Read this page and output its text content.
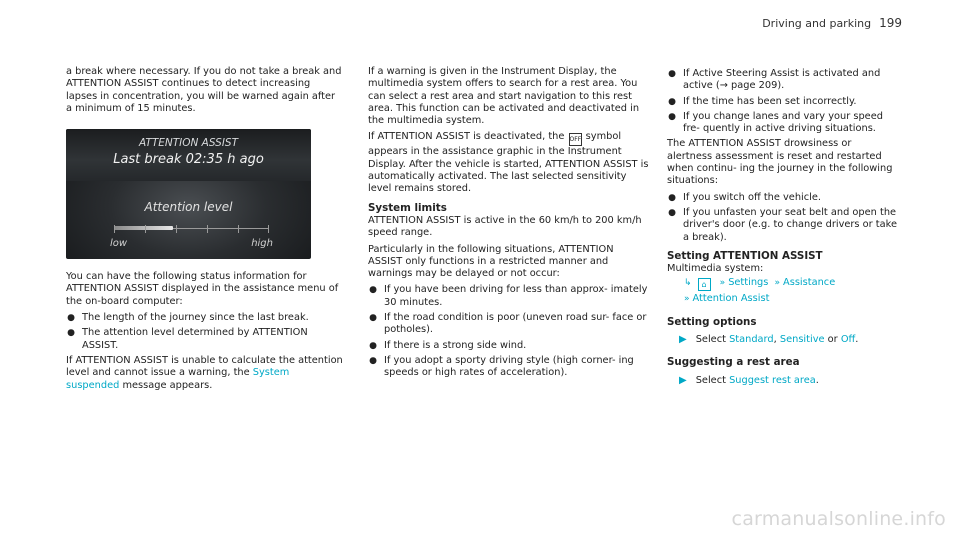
Driving and parking 199

a break where necessary. If you do not take a break and ATTENTION ASSIST continues to detect increasing lapses in concentration, you will be warned again after a minimum of 15 minutes.

ATTENTION ASSIST
Last break 02:35 h ago
Attention level
low	high

You can have the following status information for ATTENTION ASSIST displayed in the assistance menu of the on-board computer:

● The length of the journey since the last break.
● The attention level determined by ATTENTION ASSIST.

If ATTENTION ASSIST is unable to calculate the attention level and cannot issue a warning, the System suspended message appears.

If a warning is given in the Instrument Display, the multimedia system offers to search for a rest area. You can select a rest area and start navigation to this rest area. This function can be activated and deactivated in the multimedia system.

If ATTENTION ASSIST is deactivated, the OFF symbol appears in the assistance graphic in the Instrument Display. After the vehicle is started, ATTENTION ASSIST is automatically activated. The last selected sensitivity level remains stored.

System limits

ATTENTION ASSIST is active in the 60 km/h to 200 km/h speed range.

Particularly in the following situations, ATTENTION ASSIST only functions in a restricted manner and warnings may be delayed or not occur:

● If you have been driving for less than approx- imately 30 minutes.
● If the road condition is poor (uneven road sur- face or potholes).
● If there is a strong side wind.
● If you adopt a sporty driving style (high corner- ing speeds or high rates of acceleration).
● If Active Steering Assist is activated and active (→ page 209).
● If the time has been set incorrectly.
● If you change lanes and vary your speed fre- quently in active driving situations.

The ATTENTION ASSIST drowsiness or alertness assessment is reset and restarted when continu- ing the journey in the following situations:

● If you switch off the vehicle.
● If you unfasten your seat belt and open the driver's door (e.g. to change drivers or take a break).
Setting ATTENTION ASSIST
Multimedia system:
↳ ⌂ » Settings » Assistance
» Attention Assist
Setting options
▶ Select Standard, Sensitive or Off.
Suggesting a rest area
▶ Select Suggest rest area.
carmanualsonline.info
